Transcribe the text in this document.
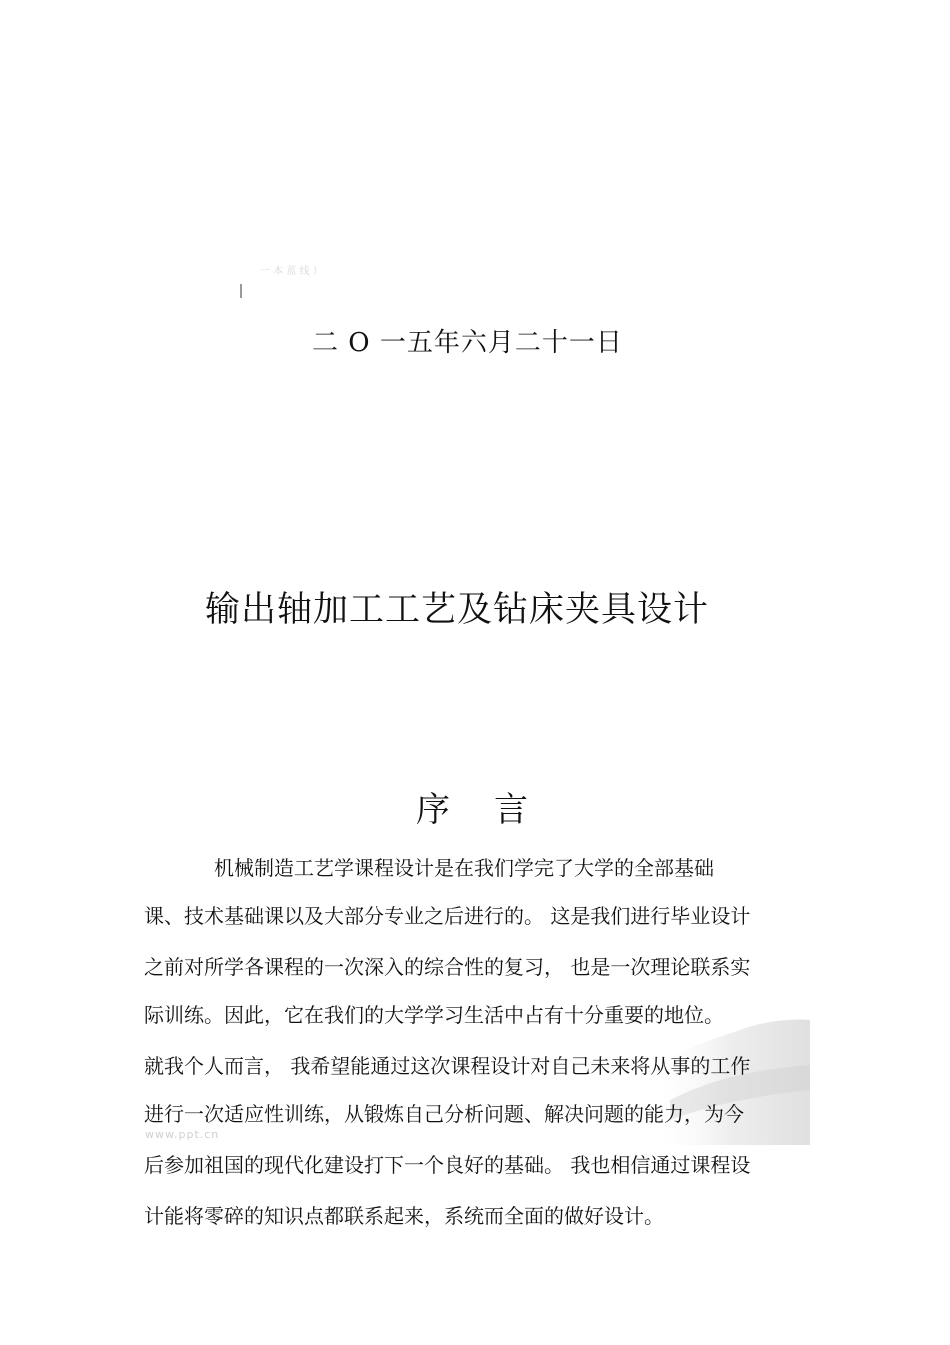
一 本 蓝 线 ）
二 O 一五年六月二十一日
输出轴加工工艺及钻床夹具设计
序 言
www.ppt.cn
机械制造工艺学课程设计是在我们学完了大学的全部基础
课、技术基础课以及大部分专业之后进行的。 这是我们进行毕业设计
之前对所学各课程的一次深入的综合性的复习， 也是一次理论联系实
际训练。因此，它在我们的大学学习生活中占有十分重要的地位。
就我个人而言， 我希望能通过这次课程设计对自己未来将从事的工作
进行一次适应性训练，从锻炼自己分析问题、解决问题的能力，为今
后参加祖国的现代化建设打下一个良好的基础。 我也相信通过课程设
计能将零碎的知识点都联系起来，系统而全面的做好设计。
